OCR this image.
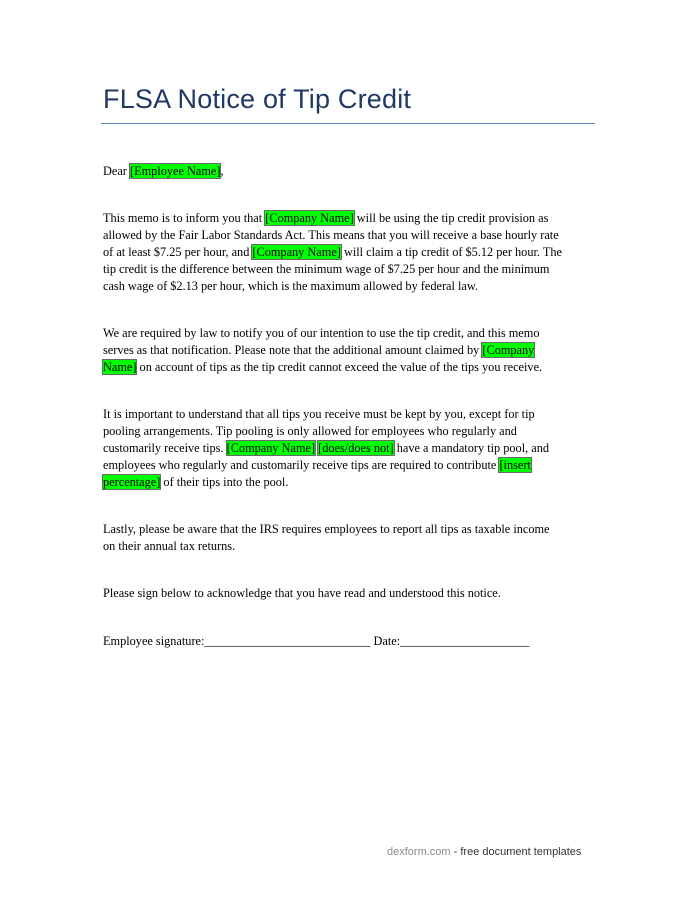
FLSA Notice of Tip Credit
Dear [Employee Name],
This memo is to inform you that [Company Name] will be using the tip credit provision as
allowed by the Fair Labor Standards Act. This means that you will receive a base hourly rate
of at least $7.25 per hour, and [Company Name] will claim a tip credit of $5.12 per hour. The
tip credit is the difference between the minimum wage of $7.25 per hour and the minimum
cash wage of $2.13 per hour, which is the maximum allowed by federal law.
We are required by law to notify you of our intention to use the tip credit, and this memo
serves as that notification. Please note that the additional amount claimed by [Company
Name] on account of tips as the tip credit cannot exceed the value of the tips you receive.
It is important to understand that all tips you receive must be kept by you, except for tip
pooling arrangements. Tip pooling is only allowed for employees who regularly and
customarily receive tips. [Company Name] [does/does not] have a mandatory tip pool, and
employees who regularly and customarily receive tips are required to contribute [insert
percentage] of their tips into the pool.
Lastly, please be aware that the IRS requires employees to report all tips as taxable income
on their annual tax returns.
Please sign below to acknowledge that you have read and understood this notice.
Employee signature:___________________________ Date:_____________________
dexform.com - free document templates
